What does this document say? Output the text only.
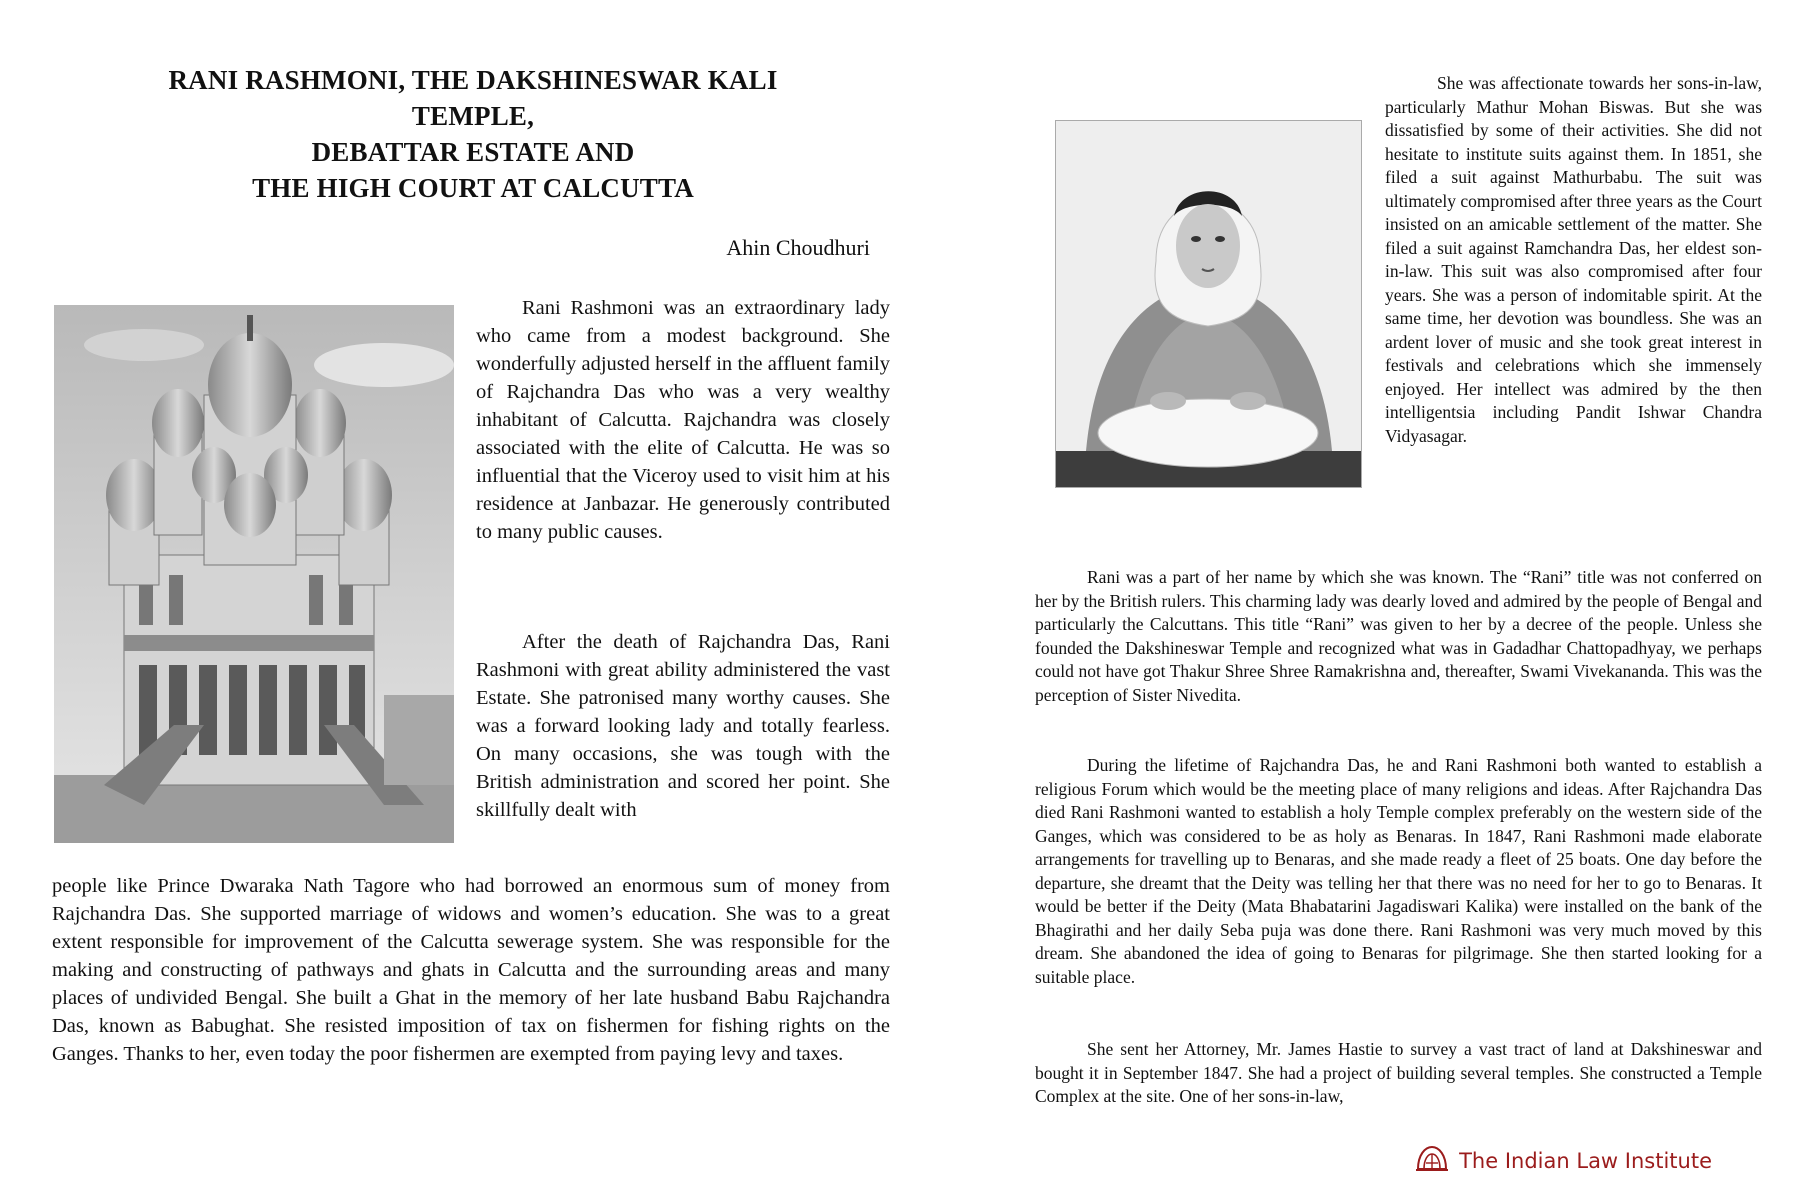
RANI RASHMONI, THE DAKSHINESWAR KALI
TEMPLE,
DEBATTAR ESTATE AND
THE HIGH COURT AT CALCUTTA
Ahin Choudhuri

Rani Rashmoni was an extraordinary lady who came from a modest background. She wonderfully adjusted herself in the affluent family of Rajchandra Das who was a very wealthy inhabitant of Calcutta. Rajchandra was closely associated with the elite of Calcutta. He was so influential that the Viceroy used to visit him at his residence at Janbazar. He generously contributed to many public causes.

After the death of Rajchandra Das, Rani Rashmoni with great ability administered the vast Estate. She patronised many worthy causes. She was a forward looking lady and totally fearless. On many occasions, she was tough with the British administration and scored her point. She skillfully dealt with

people like Prince Dwaraka Nath Tagore who had borrowed an enormous sum of money from Rajchandra Das. She supported marriage of widows and women’s education. She was to a great extent responsible for improvement of the Calcutta sewerage system. She was responsible for the making and constructing of pathways and ghats in Calcutta and the surrounding areas and many places of undivided Bengal. She built a Ghat in the memory of her late husband Babu Rajchandra Das, known as Babughat. She resisted imposition of tax on fishermen for fishing rights on the Ganges. Thanks to her, even today the poor fishermen are exempted from paying levy and taxes.

She was affectionate towards her sons-in-law, particularly Mathur Mohan Biswas. But she was dissatisfied by some of their activities. She did not hesitate to institute suits against them. In 1851, she filed a suit against Mathurbabu. The suit was ultimately compromised after three years as the Court insisted on an amicable settlement of the matter. She filed a suit against Ramchandra Das, her eldest son-in-law. This suit was also compromised after four years. She was a person of indomitable spirit. At the same time, her devotion was boundless. She was an ardent lover of music and she took great interest in festivals and celebrations which she immensely enjoyed. Her intellect was admired by the then intelligentsia including Pandit Ishwar Chandra Vidyasagar.

Rani was a part of her name by which she was known. The “Rani” title was not conferred on her by the British rulers. This charming lady was dearly loved and admired by the people of Bengal and particularly the Calcuttans. This title “Rani” was given to her by a decree of the people. Unless she founded the Dakshineswar Temple and recognized what was in Gadadhar Chattopadhyay, we perhaps could not have got Thakur Shree Shree Ramakrishna and, thereafter, Swami Vivekananda. This was the perception of Sister Nivedita.

During the lifetime of Rajchandra Das, he and Rani Rashmoni both wanted to establish a religious Forum which would be the meeting place of many religions and ideas. After Rajchandra Das died Rani Rashmoni wanted to establish a holy Temple complex preferably on the western side of the Ganges, which was considered to be as holy as Benaras. In 1847, Rani Rashmoni made elaborate arrangements for travelling up to Benaras, and she made ready a fleet of 25 boats. One day before the departure, she dreamt that the Deity was telling her that there was no need for her to go to Benaras. It would be better if the Deity (Mata Bhabatarini Jagadiswari Kalika) were installed on the bank of the Bhagirathi and her daily Seba puja was done there. Rani Rashmoni was very much moved by this dream. She abandoned the idea of going to Benaras for pilgrimage. She then started looking for a suitable place.

She sent her Attorney, Mr. James Hastie to survey a vast tract of land at Dakshineswar and bought it in September 1847. She had a project of building several temples. She constructed a Temple Complex at the site. One of her sons-in-law,

The Indian Law Institute
